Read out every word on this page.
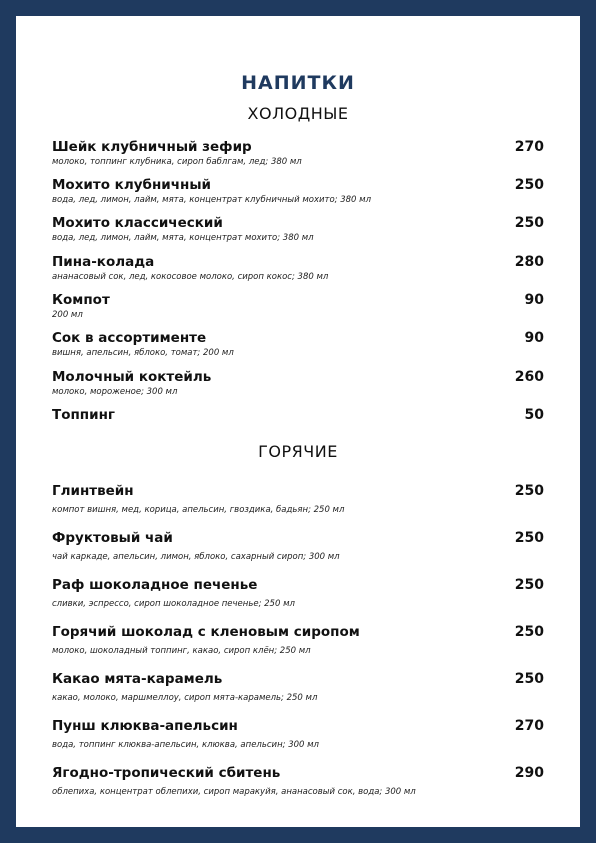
НАПИТКИ
ХОЛОДНЫЕ
Шейк клубничный зефир	270
молоко, топпинг клубника, сироп баблгам, лед; 380 мл
Мохито клубничный	250
вода, лед, лимон, лайм, мята, концентрат клубничный мохито; 380 мл
Мохито классический	250
вода, лед, лимон, лайм, мята, концентрат мохито; 380 мл
Пина-колада	280
ананасовый сок, лед, кокосовое молоко, сироп кокос; 380 мл
Компот	90
200 мл
Сок в ассортименте	90
вишня, апельсин, яблоко, томат; 200 мл
Молочный коктейль	260
молоко, мороженое; 300 мл
Топпинг	50
ГОРЯЧИЕ
Глинтвейн	250
компот вишня, мед, корица, апельсин, гвоздика, бадьян; 250 мл
Фруктовый чай	250
чай каркаде, апельсин, лимон, яблоко, сахарный сироп; 300 мл
Раф шоколадное печенье	250
сливки, эспрессо, сироп шоколадное печенье; 250 мл
Горячий шоколад с кленовым сиропом	250
молоко, шоколадный топпинг, какао, сироп клён; 250 мл
Какао мята-карамель	250
какао, молоко, маршмеллоу, сироп мята-карамель; 250 мл
Пунш клюква-апельсин	270
вода, топпинг клюква-апельсин, клюква, апельсин; 300 мл
Ягодно-тропический сбитень	290
облепиха, концентрат облепихи, сироп маракуйя, ананасовый сок, вода; 300 мл
